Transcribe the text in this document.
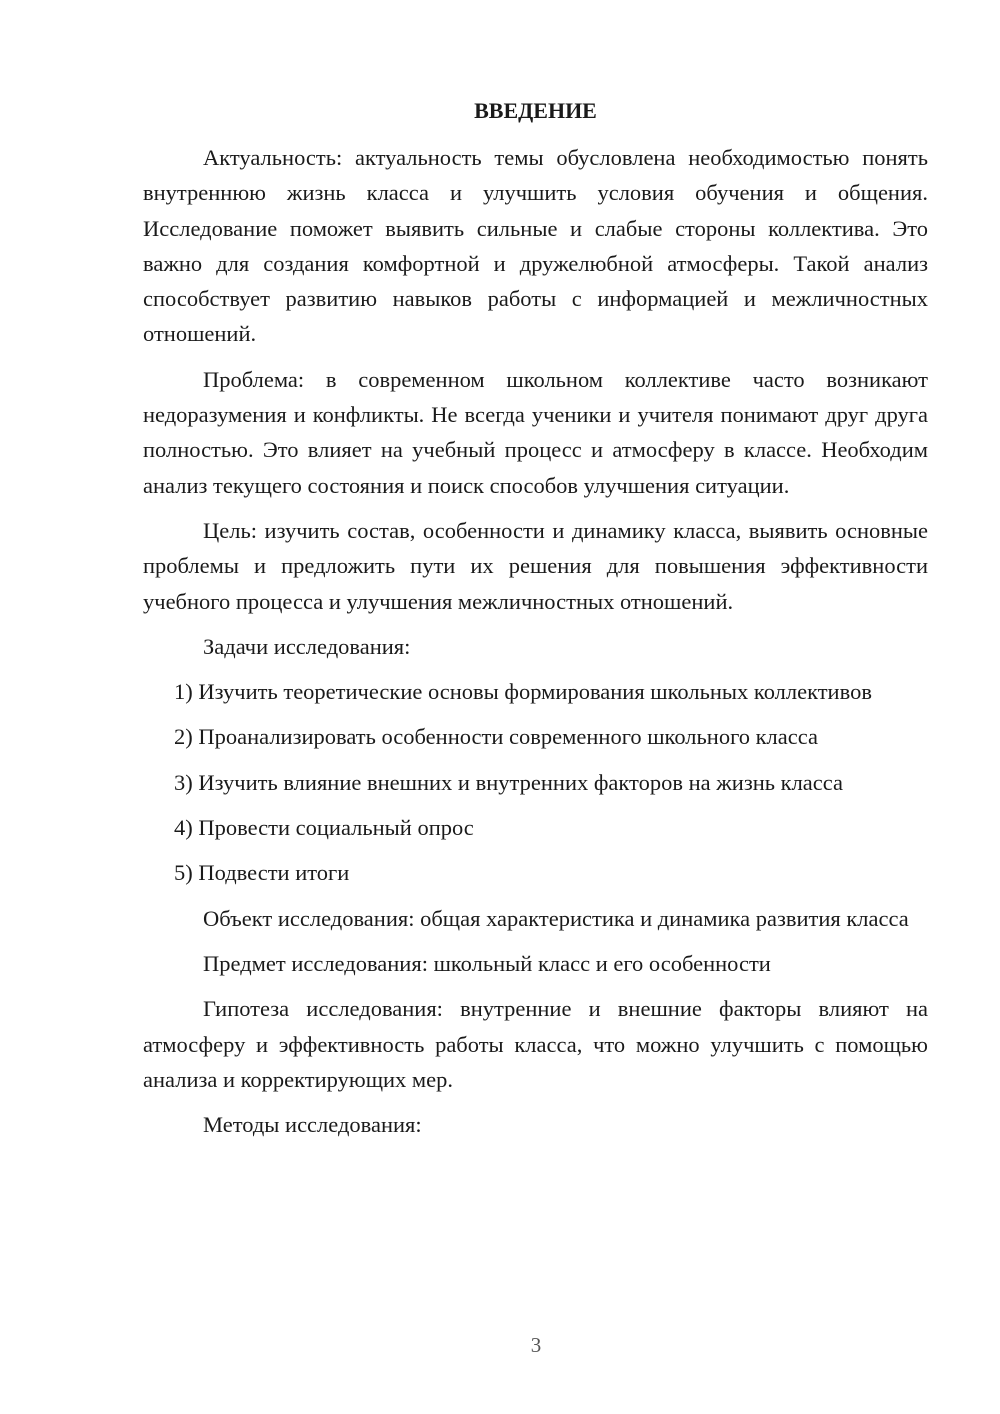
ВВЕДЕНИЕ

Актуальность: актуальность темы обусловлена необходимостью понять внутреннюю жизнь класса и улучшить условия обучения и общения. Исследование поможет выявить сильные и слабые стороны коллектива. Это важно для создания комфортной и дружелюбной атмосферы. Такой анализ способствует развитию навыков работы с информацией и межличностных отношений.

Проблема: в современном школьном коллективе часто возникают недоразумения и конфликты. Не всегда ученики и учителя понимают друг друга полностью. Это влияет на учебный процесс и атмосферу в классе. Необходим анализ текущего состояния и поиск способов улучшения ситуации.

Цель: изучить состав, особенности и динамику класса, выявить основные проблемы и предложить пути их решения для повышения эффективности учебного процесса и улучшения межличностных отношений.

Задачи исследования:

1) Изучить теоретические основы формирования школьных коллективов

2) Проанализировать особенности современного школьного класса

3) Изучить влияние внешних и внутренних факторов на жизнь класса

4) Провести социальный опрос

5) Подвести итоги

Объект исследования: общая характеристика и динамика развития класса

Предмет исследования: школьный класс и его особенности

Гипотеза исследования: внутренние и внешние факторы влияют на атмосферу и эффективность работы класса, что можно улучшить с помощью анализа и корректирующих мер.

Методы исследования:

3
